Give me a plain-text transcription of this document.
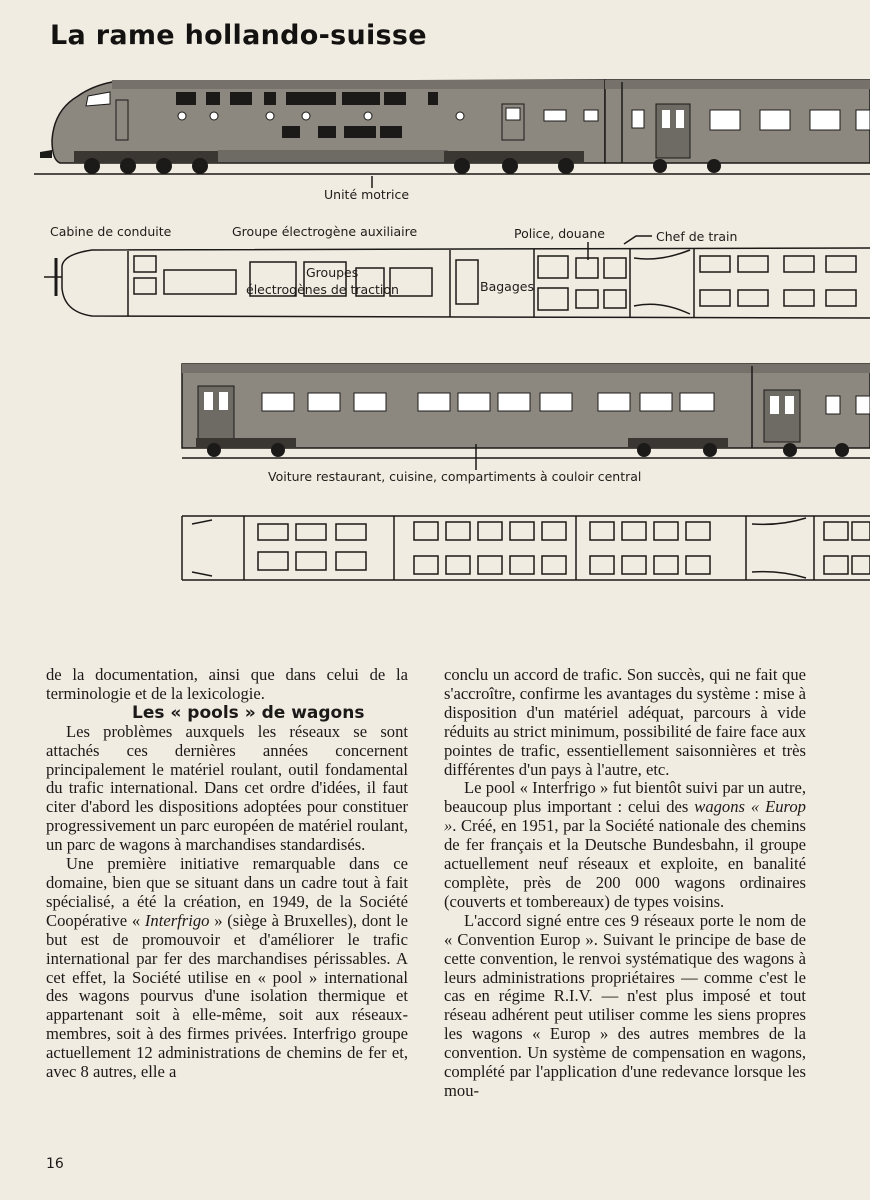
La rame hollando-suisse
Unité motrice
Cabine de conduite	Groupe électrogène auxiliaire	Police, douane	Chef de train
Groupes
électrogènes de traction	Bagages
Voiture restaurant, cuisine, compartiments à couloir central

de la documentation, ainsi que dans celui de la terminologie et de la lexicologie.

Les « pools » de wagons

Les problèmes auxquels les réseaux se sont attachés ces dernières années concernent principalement le matériel roulant, outil fondamental du trafic international. Dans cet ordre d'idées, il faut citer d'abord les dispositions adoptées pour constituer progressivement un parc européen de matériel roulant, un parc de wagons à marchandises standardisés.

Une première initiative remarquable dans ce domaine, bien que se situant dans un cadre tout à fait spécialisé, a été la création, en 1949, de la Société Coopérative « Interfrigo » (siège à Bruxelles), dont le but est de promouvoir et d'améliorer le trafic international par fer des marchandises périssables. A cet effet, la Société utilise en « pool » international des wagons pourvus d'une isolation thermique et appartenant soit à elle-même, soit aux réseaux-membres, soit à des firmes privées. Interfrigo groupe actuellement 12 administrations de chemins de fer et, avec 8 autres, elle a

conclu un accord de trafic. Son succès, qui ne fait que s'accroître, confirme les avantages du système : mise à disposition d'un matériel adéquat, parcours à vide réduits au strict minimum, possibilité de faire face aux pointes de trafic, essentiellement saisonnières et très différentes d'un pays à l'autre, etc.

Le pool « Interfrigo » fut bientôt suivi par un autre, beaucoup plus important : celui des wagons « Europ ». Créé, en 1951, par la Société nationale des chemins de fer français et la Deutsche Bundesbahn, il groupe actuellement neuf réseaux et exploite, en banalité complète, près de 200 000 wagons ordinaires (couverts et tombereaux) de types voisins.

L'accord signé entre ces 9 réseaux porte le nom de « Convention Europ ». Suivant le principe de base de cette convention, le renvoi systématique des wagons à leurs administrations propriétaires — comme c'est le cas en régime R.I.V. — n'est plus imposé et tout réseau adhérent peut utiliser comme les siens propres les wagons « Europ » des autres membres de la convention. Un système de compensation en wagons, complété par l'application d'une redevance lorsque les mou-

16
